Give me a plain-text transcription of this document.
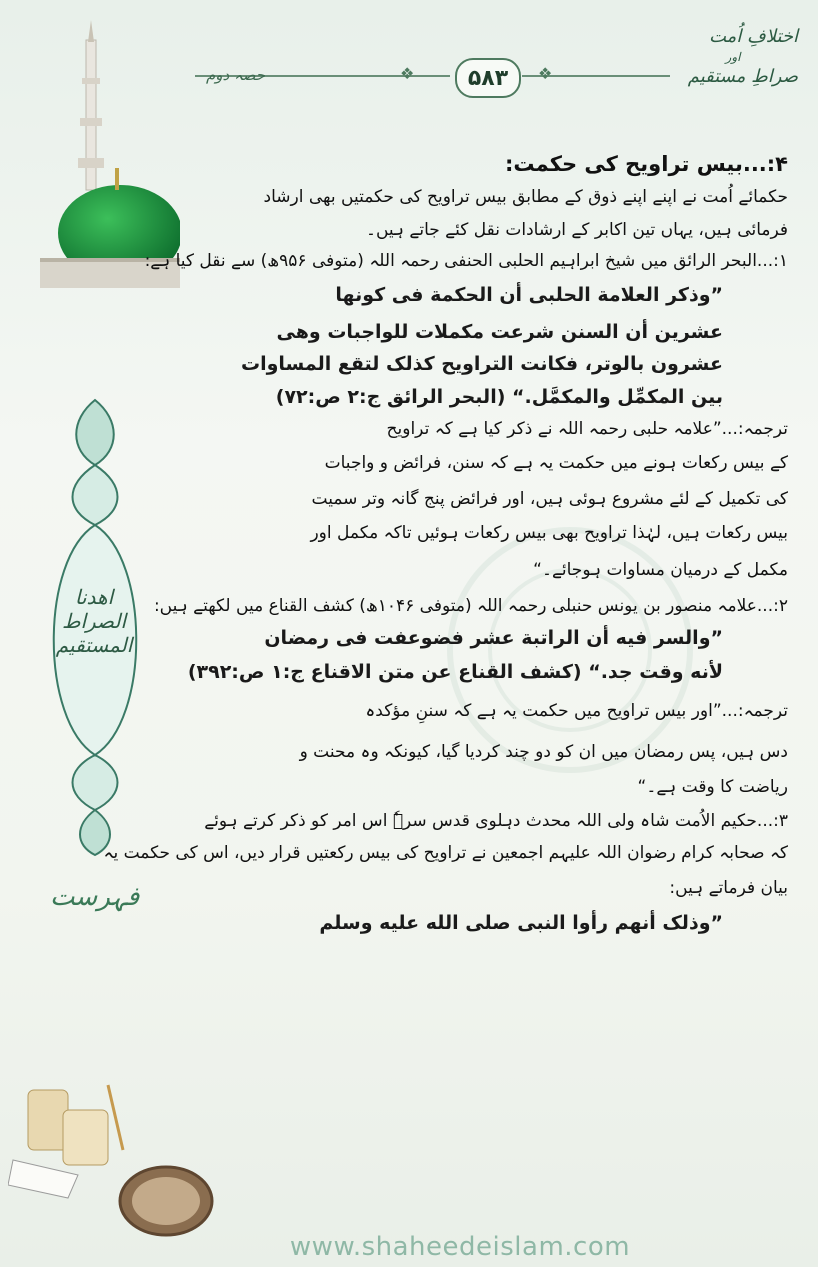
❖	❖
۵۸۳
حصہ دوم
اختلافِ اُمت
اور
صراطِ مستقیم
اھدنا الصراط المستقیم
فہرست
۴:...بیس تراویح کی حکمت:
حکمائے اُمت نے اپنے اپنے ذوق کے مطابق بیس تراویح کی حکمتیں بھی ارشاد
فرمائی ہیں، یہاں تین اکابر کے ارشادات نقل کئے جاتے ہیں۔
۱:...البحر الرائق میں شیخ ابراہیم الحلبی الحنفی رحمہ اللہ (متوفی ۹۵۶ھ) سے نقل کیا ہے:
”وذکر العلامة الحلبی أن الحکمة فی کونها
عشرین أن السنن شرعت مکملات للواجبات وهی
عشرون بالوتر، فکانت التراویح کذلک لتقع المساوات
بین المکمِّل والمکمَّل.“ (البحر الرائق ج:۲ ص:۷۲)
ترجمہ:...”علامہ حلبی رحمہ اللہ نے ذکر کیا ہے کہ تراویح
کے بیس رکعات ہونے میں حکمت یہ ہے کہ سنن، فرائض و واجبات
کی تکمیل کے لئے مشروع ہوئی ہیں، اور فرائض پنج گانہ وتر سمیت
بیس رکعات ہیں، لہٰذا تراویح بھی بیس رکعات ہوئیں تاکہ مکمل اور
مکمل کے درمیان مساوات ہوجائے۔“
۲:...علامہ منصور بن یونس حنبلی رحمہ اللہ (متوفی ۱۰۴۶ھ) کشف القناع میں لکھتے ہیں:
”والسر فیه أن الراتبة عشر فضوعفت فی رمضان
لأنه وقت جد.“ (کشف القناع عن متن الاقناع ج:۱ ص:۳۹۲)
ترجمہ:...”اور بیس تراویح میں حکمت یہ ہے کہ سننِ مؤکدہ
دس ہیں، پس رمضان میں ان کو دو چند کردیا گیا، کیونکہ وہ محنت و
ریاضت کا وقت ہے۔“
۳:...حکیم الاُمت شاہ ولی اللہ محدث دہلوی قدس سرہٗ اس امر کو ذکر کرتے ہوئے
کہ صحابہ کرام رضوان اللہ علیہم اجمعین نے تراویح کی بیس رکعتیں قرار دیں، اس کی حکمت یہ
بیان فرماتے ہیں:
”وذلک أنهم رأوا النبی صلی الله علیه وسلم
www.shaheedeislam.com
